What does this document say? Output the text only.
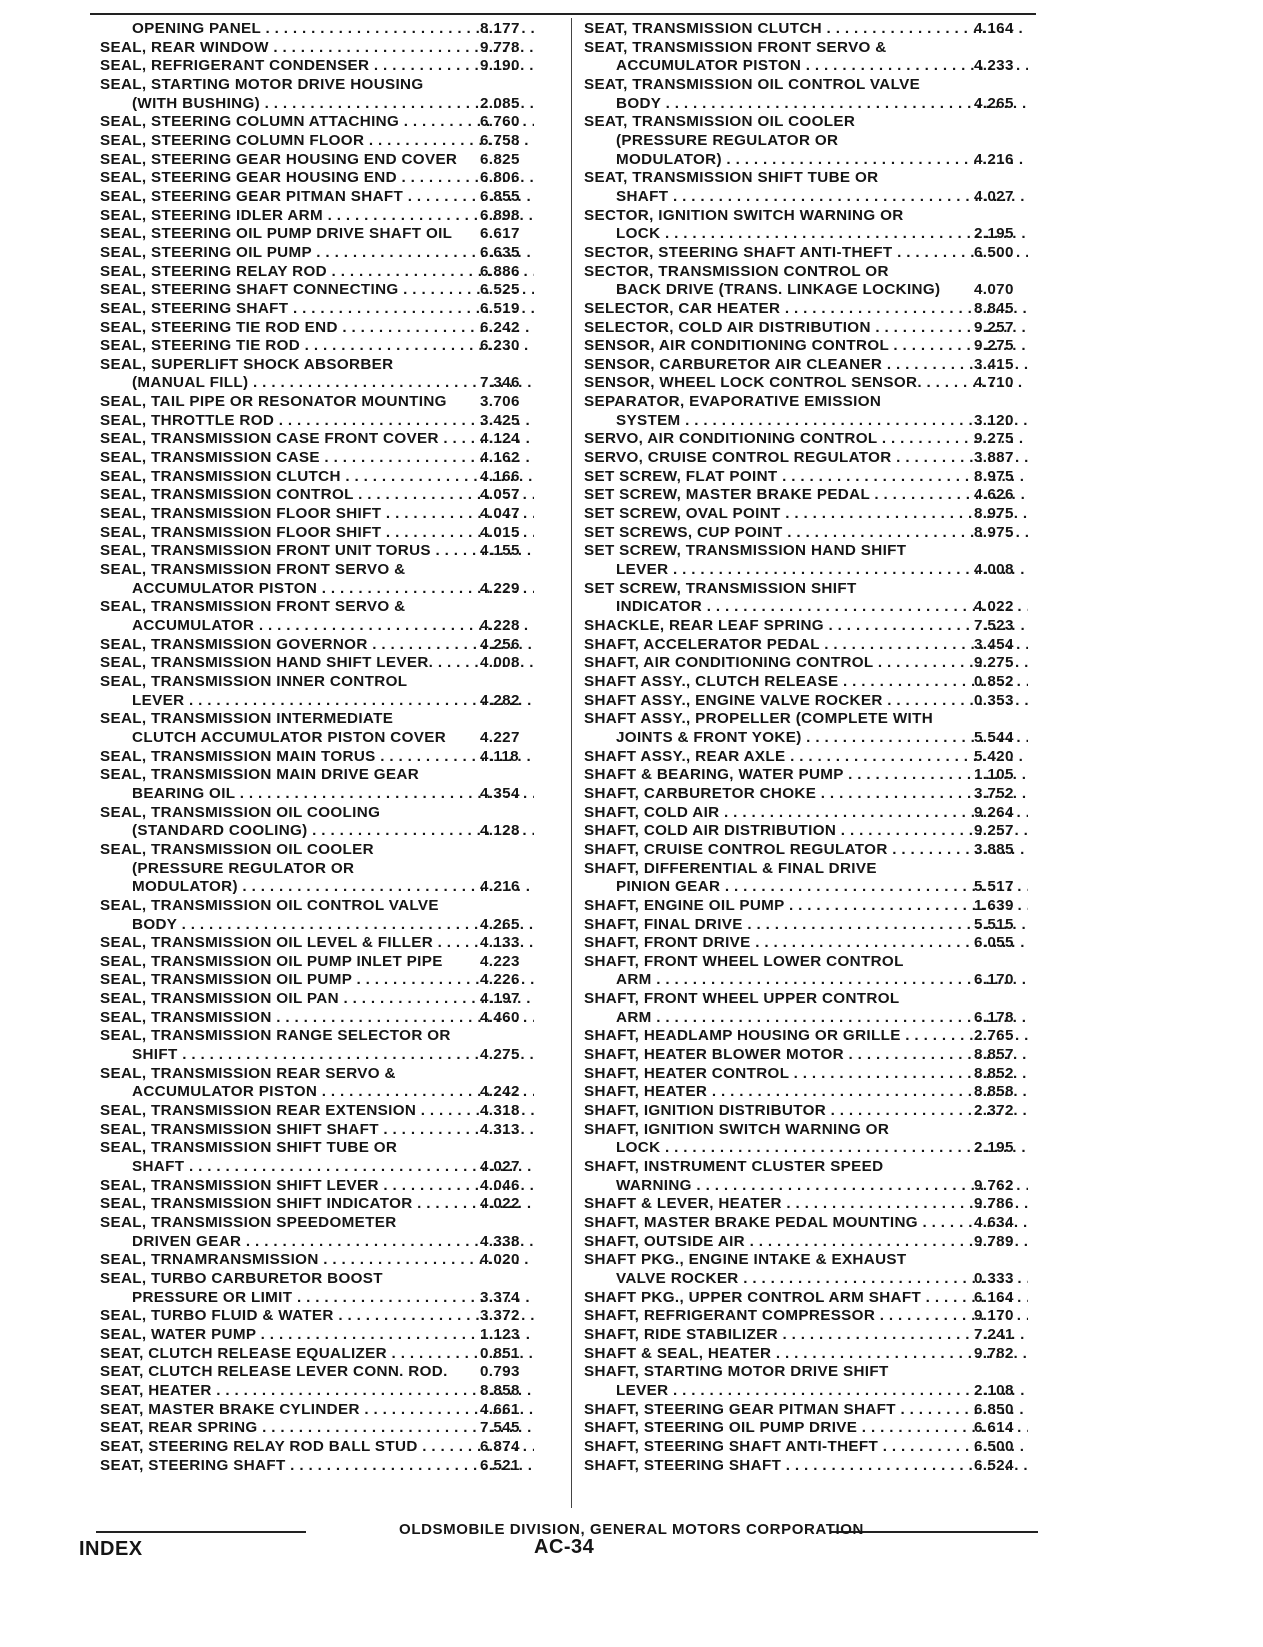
OPENING PANEL . . .	8.177
SEAL, REAR WINDOW . . .	9.778
SEAL, REFRIGERANT CONDENSER . . .	9.190
SEAL, STARTING MOTOR DRIVE HOUSING
(WITH BUSHING) . . .	2.085
SEAL, STEERING COLUMN ATTACHING . . .	6.760
SEAL, STEERING COLUMN FLOOR . . .	6.758
SEAL, STEERING GEAR HOUSING END COVER	6.825
SEAL, STEERING GEAR HOUSING END . . .	6.806
SEAL, STEERING GEAR PITMAN SHAFT . . .	6.855
SEAL, STEERING IDLER ARM . . .	6.898
SEAL, STEERING OIL PUMP DRIVE SHAFT OIL	6.617
SEAL, STEERING OIL PUMP . . .	6.635
SEAL, STEERING RELAY ROD . . .	6.886
SEAL, STEERING SHAFT CONNECTING . . .	6.525
SEAL, STEERING SHAFT . . .	6.519
SEAL, STEERING TIE ROD END . . .	6.242
SEAL, STEERING TIE ROD . . .	6.230
SEAL, SUPERLIFT SHOCK ABSORBER
(MANUAL FILL) . . .	7.346
SEAL, TAIL PIPE OR RESONATOR MOUNTING	3.706
SEAL, THROTTLE ROD . . .	3.425
SEAL, TRANSMISSION CASE FRONT COVER . . .	4.124
SEAL, TRANSMISSION CASE . . .	4.162
SEAL, TRANSMISSION CLUTCH . . .	4.166
SEAL, TRANSMISSION CONTROL . . .	4.057
SEAL, TRANSMISSION FLOOR SHIFT . . .	4.047
SEAL, TRANSMISSION FLOOR SHIFT . . .	4.015
SEAL, TRANSMISSION FRONT UNIT TORUS . . .	4.155
SEAL, TRANSMISSION FRONT SERVO &
ACCUMULATOR PISTON . . .	4.229
SEAL, TRANSMISSION FRONT SERVO &
ACCUMULATOR . . .	4.228
SEAL, TRANSMISSION GOVERNOR . . .	4.256
SEAL, TRANSMISSION HAND SHIFT LEVER. . . .	4.008
SEAL, TRANSMISSION INNER CONTROL
LEVER . . .	4.282
SEAL, TRANSMISSION INTERMEDIATE
CLUTCH ACCUMULATOR PISTON COVER	4.227
SEAL, TRANSMISSION MAIN TORUS . . .	4.118
SEAL, TRANSMISSION MAIN DRIVE GEAR
BEARING OIL . . .	4.354
SEAL, TRANSMISSION OIL COOLING
(STANDARD COOLING) . . .	4.128
SEAL, TRANSMISSION OIL COOLER
(PRESSURE REGULATOR OR
MODULATOR) . . .	4.216
SEAL, TRANSMISSION OIL CONTROL VALVE
BODY . . .	4.265
SEAL, TRANSMISSION OIL LEVEL & FILLER . . .	4.133
SEAL, TRANSMISSION OIL PUMP INLET PIPE	4.223
SEAL, TRANSMISSION OIL PUMP . . .	4.226
SEAL, TRANSMISSION OIL PAN . . .	4.197
SEAL, TRANSMISSION . . .	4.460
SEAL, TRANSMISSION RANGE SELECTOR OR
SHIFT . . .	4.275
SEAL, TRANSMISSION REAR SERVO &
ACCUMULATOR PISTON . . .	4.242
SEAL, TRANSMISSION REAR EXTENSION . . .	4.318
SEAL, TRANSMISSION SHIFT SHAFT . . .	4.313
SEAL, TRANSMISSION SHIFT TUBE OR
SHAFT . . .	4.027
SEAL, TRANSMISSION SHIFT LEVER . . .	4.046
SEAL, TRANSMISSION SHIFT INDICATOR . . .	4.022
SEAL, TRANSMISSION SPEEDOMETER
DRIVEN GEAR . . .	4.338
SEAL, TRNAMRANSMISSION . . .	4.020
SEAL, TURBO CARBURETOR BOOST
PRESSURE OR LIMIT . . .	3.374
SEAL, TURBO FLUID & WATER . . .	3.372
SEAL, WATER PUMP . . .	1.123
SEAT, CLUTCH RELEASE EQUALIZER . . .	0.851
SEAT, CLUTCH RELEASE LEVER CONN. ROD.	0.793
SEAT, HEATER . . .	8.858
SEAT, MASTER BRAKE CYLINDER . . .	4.661
SEAT, REAR SPRING . . .	7.545
SEAT, STEERING RELAY ROD BALL STUD . . .	6.874
SEAT, STEERING SHAFT . . .	6.521
SEAT, TRANSMISSION CLUTCH . . .	4.164
SEAT, TRANSMISSION FRONT SERVO &
ACCUMULATOR PISTON . . .	4.233
SEAT, TRANSMISSION OIL CONTROL VALVE
BODY . . .	4.265
SEAT, TRANSMISSION OIL COOLER
(PRESSURE REGULATOR OR
MODULATOR) . . .	4.216
SEAT, TRANSMISSION SHIFT TUBE OR
SHAFT . . .	4.027
SECTOR, IGNITION SWITCH WARNING OR
LOCK . . .	2.195
SECTOR, STEERING SHAFT ANTI-THEFT . . .	6.500
SECTOR, TRANSMISSION CONTROL OR
BACK DRIVE (TRANS. LINKAGE LOCKING)	4.070
SELECTOR, CAR HEATER . . .	8.845
SELECTOR, COLD AIR DISTRIBUTION . . .	9.257
SENSOR, AIR CONDITIONING CONTROL . . .	9.275
SENSOR, CARBURETOR AIR CLEANER . . .	3.415
SENSOR, WHEEL LOCK CONTROL SENSOR. . . .	4.710
SEPARATOR, EVAPORATIVE EMISSION
SYSTEM . . .	3.120
SERVO, AIR CONDITIONING CONTROL . . .	9.275
SERVO, CRUISE CONTROL REGULATOR . . .	3.887
SET SCREW, FLAT POINT . . .	8.975
SET SCREW, MASTER BRAKE PEDAL . . .	4.626
SET SCREW, OVAL POINT . . .	8.975
SET SCREWS, CUP POINT . . .	8.975
SET SCREW, TRANSMISSION HAND SHIFT
LEVER . . .	4.008
SET SCREW, TRANSMISSION SHIFT
INDICATOR . . .	4.022
SHACKLE, REAR LEAF SPRING . . .	7.523
SHAFT, ACCELERATOR PEDAL . . .	3.454
SHAFT, AIR CONDITIONING CONTROL . . .	9.275
SHAFT ASSY., CLUTCH RELEASE . . .	0.852
SHAFT ASSY., ENGINE VALVE ROCKER . . .	0.353
SHAFT ASSY., PROPELLER (COMPLETE WITH
JOINTS & FRONT YOKE) . . .	5.544
SHAFT ASSY., REAR AXLE . . .	5.420
SHAFT & BEARING, WATER PUMP . . .	1.105
SHAFT, CARBURETOR CHOKE . . .	3.752
SHAFT, COLD AIR . . .	9.264
SHAFT, COLD AIR DISTRIBUTION . . .	9.257
SHAFT, CRUISE CONTROL REGULATOR . . .	3.885
SHAFT, DIFFERENTIAL & FINAL DRIVE
PINION GEAR . . .	5.517
SHAFT, ENGINE OIL PUMP . . .	1.639
SHAFT, FINAL DRIVE . . .	5.515
SHAFT, FRONT DRIVE . . .	6.055
SHAFT, FRONT WHEEL LOWER CONTROL
ARM . . .	6.170
SHAFT, FRONT WHEEL UPPER CONTROL
ARM . . .	6.178
SHAFT, HEADLAMP HOUSING OR GRILLE . . .	2.765
SHAFT, HEATER BLOWER MOTOR . . .	8.857
SHAFT, HEATER CONTROL . . .	8.852
SHAFT, HEATER . . .	8.858
SHAFT, IGNITION DISTRIBUTOR . . .	2.372
SHAFT, IGNITION SWITCH WARNING OR
LOCK . . .	2.195
SHAFT, INSTRUMENT CLUSTER SPEED
WARNING . . .	9.762
SHAFT & LEVER, HEATER . . .	9.786
SHAFT, MASTER BRAKE PEDAL MOUNTING . . .	4.634
SHAFT, OUTSIDE AIR . . .	9.789
SHAFT PKG., ENGINE INTAKE & EXHAUST
VALVE ROCKER . . .	0.333
SHAFT PKG., UPPER CONTROL ARM SHAFT . . .	6.164
SHAFT, REFRIGERANT COMPRESSOR . . .	9.170
SHAFT, RIDE STABILIZER . . .	7.241
SHAFT & SEAL, HEATER . . .	9.782
SHAFT, STARTING MOTOR DRIVE SHIFT
LEVER . . .	2.108
SHAFT, STEERING GEAR PITMAN SHAFT . . .	6.850
SHAFT, STEERING OIL PUMP DRIVE . . .	6.614
SHAFT, STEERING SHAFT ANTI-THEFT . . .	6.500
SHAFT, STEERING SHAFT . . .	6.524
OLDSMOBILE DIVISION, GENERAL MOTORS CORPORATION
INDEX	AC-34
